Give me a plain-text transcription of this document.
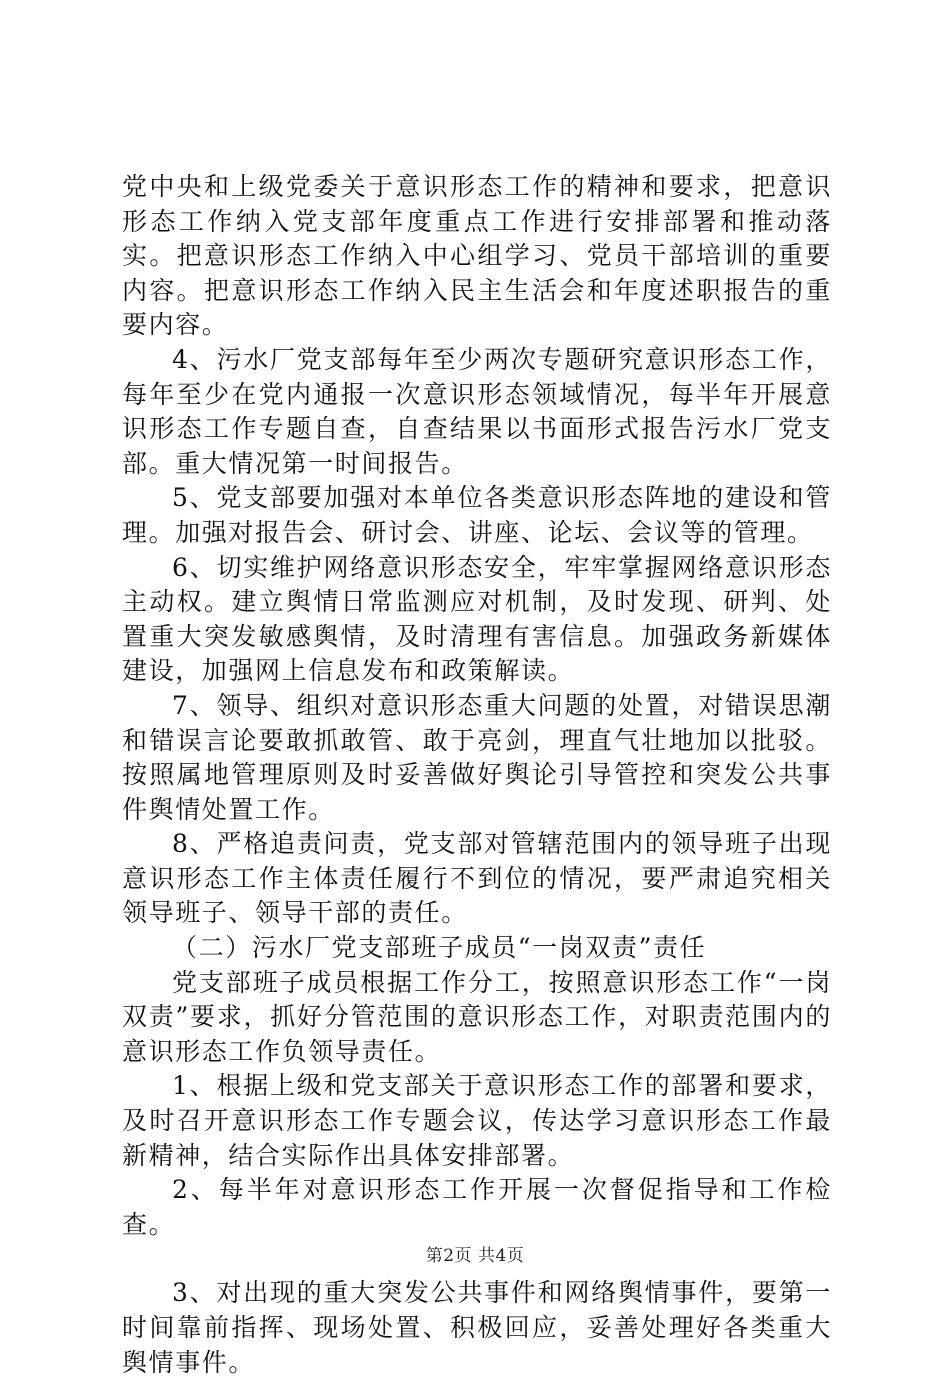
党中央和上级党委关于意识形态工作的精神和要求，把意识形态工作纳入党支部年度重点工作进行安排部署和推动落实。把意识形态工作纳入中心组学习、党员干部培训的重要内容。把意识形态工作纳入民主生活会和年度述职报告的重要内容。

4、污水厂党支部每年至少两次专题研究意识形态工作，每年至少在党内通报一次意识形态领域情况，每半年开展意识形态工作专题自查，自查结果以书面形式报告污水厂党支部。重大情况第一时间报告。

5、党支部要加强对本单位各类意识形态阵地的建设和管理。加强对报告会、研讨会、讲座、论坛、会议等的管理。

6、切实维护网络意识形态安全，牢牢掌握网络意识形态主动权。建立舆情日常监测应对机制，及时发现、研判、处置重大突发敏感舆情，及时清理有害信息。加强政务新媒体建设，加强网上信息发布和政策解读。

7、领导、组织对意识形态重大问题的处置，对错误思潮和错误言论要敢抓敢管、敢于亮剑，理直气壮地加以批驳。按照属地管理原则及时妥善做好舆论引导管控和突发公共事件舆情处置工作。

8、严格追责问责，党支部对管辖范围内的领导班子出现意识形态工作主体责任履行不到位的情况，要严肃追究相关领导班子、领导干部的责任。

（二）污水厂党支部班子成员“一岗双责”责任

党支部班子成员根据工作分工，按照意识形态工作“一岗双责”要求，抓好分管范围的意识形态工作，对职责范围内的意识形态工作负领导责任。

1、根据上级和党支部关于意识形态工作的部署和要求，及时召开意识形态工作专题会议，传达学习意识形态工作最新精神，结合实际作出具体安排部署。

2、每半年对意识形态工作开展一次督促指导和工作检查。

3、对出现的重大突发公共事件和网络舆情事件，要第一时间靠前指挥、现场处置、积极回应，妥善处理好各类重大舆情事件。

第2页 共4页
